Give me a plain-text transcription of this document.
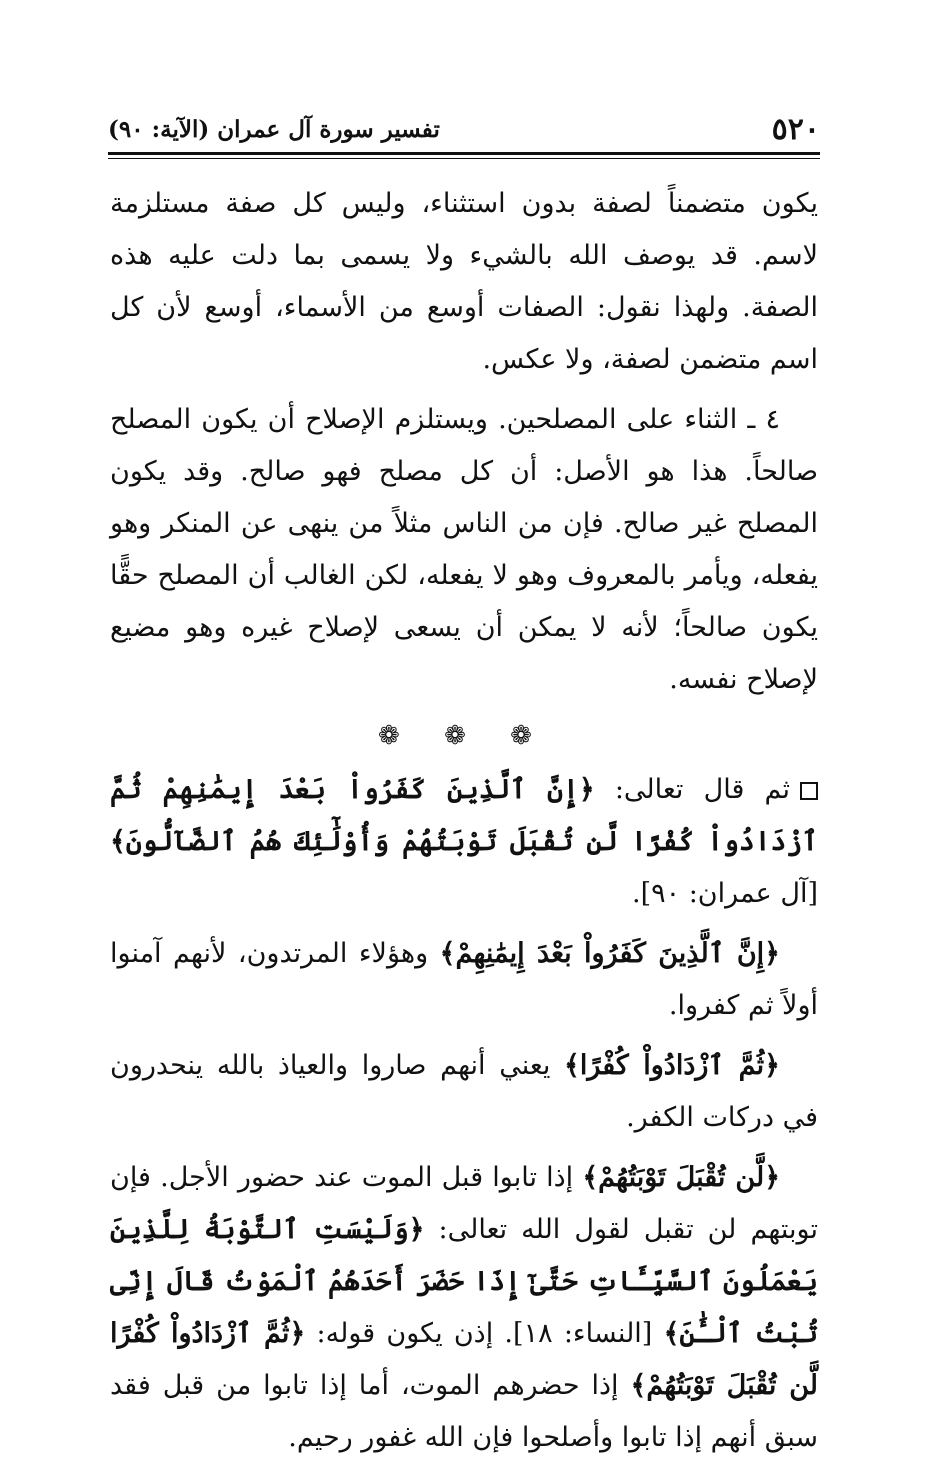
٥٢٠
تفسير سورة آل عمران (الآية: ٩٠)

يكون متضمناً لصفة بدون استثناء، وليس كل صفة مستلزمة لاسم. قد يوصف الله بالشيء ولا يسمى بما دلت عليه هذه الصفة. ولهذا نقول: الصفات أوسع من الأسماء، أوسع لأن كل اسم متضمن لصفة، ولا عكس.

٤ ـ الثناء على المصلحين. ويستلزم الإصلاح أن يكون المصلح صالحاً. هذا هو الأصل: أن كل مصلح فهو صالح. وقد يكون المصلح غير صالح. فإن من الناس مثلاً من ينهى عن المنكر وهو يفعله، ويأمر بالمعروف وهو لا يفعله، لكن الغالب أن المصلح حقًّا يكون صالحاً؛ لأنه لا يمكن أن يسعى لإصلاح غيره وهو مضيع لإصلاح نفسه.

❁ ❁ ❁

ثم قال تعالى: ﴿إِنَّ ٱلَّذِينَ كَفَرُواْ بَعْدَ إِيمَٰنِهِمْ ثُمَّ ٱزْدَادُواْ كُفْرًا لَّن تُقْبَلَ تَوْبَتُهُمْ وَأُوْلَٰٓئِكَ هُمُ ٱلضَّآلُّونَ﴾ [آل عمران: ٩٠].

﴿إِنَّ ٱلَّذِينَ كَفَرُواْ بَعْدَ إِيمَٰنِهِمْ﴾ وهؤلاء المرتدون، لأنهم آمنوا أولاً ثم كفروا.

﴿ثُمَّ ٱزْدَادُواْ كُفْرًا﴾ يعني أنهم صاروا والعياذ بالله ينحدرون في دركات الكفر.

﴿لَّن تُقْبَلَ تَوْبَتُهُمْ﴾ إذا تابوا قبل الموت عند حضور الأجل. فإن توبتهم لن تقبل لقول الله تعالى: ﴿وَلَيْسَتِ ٱلتَّوْبَةُ لِلَّذِينَ يَعْمَلُونَ ٱلسَّيِّـَٔاتِ حَتَّىٰٓ إِذَا حَضَرَ أَحَدَهُمُ ٱلْمَوْتُ قَالَ إِنِّى تُبْتُ ٱلْـَٰٔنَ﴾ [النساء: ١٨]. إذن يكون قوله: ﴿ثُمَّ ٱزْدَادُواْ كُفْرًا لَّن تُقْبَلَ تَوْبَتُهُمْ﴾ إذا حضرهم الموت، أما إذا تابوا من قبل فقد سبق أنهم إذا تابوا وأصلحوا فإن الله غفور رحيم.
